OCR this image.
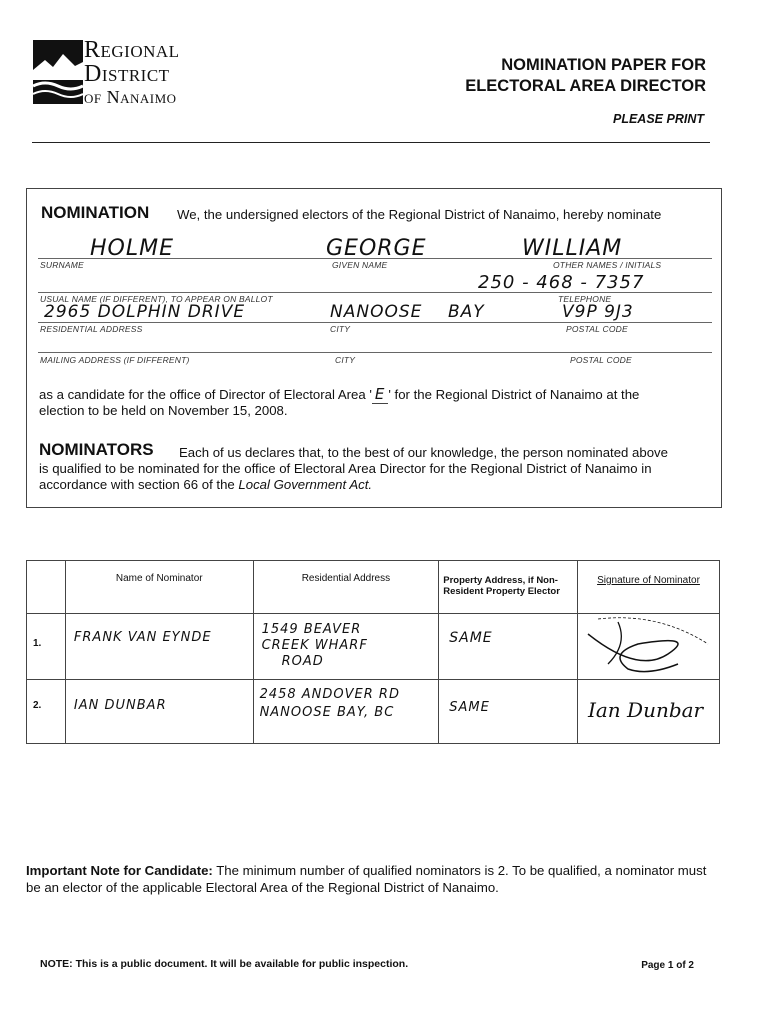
Regional
District
of Nanaimo
NOMINATION PAPER FOR
ELECTORAL AREA DIRECTOR
PLEASE PRINT
NOMINATION We, the undersigned electors of the Regional District of Nanaimo, hereby nominate
HOLME	GEORGE	WILLIAM
SURNAME	GIVEN NAME	OTHER NAMES / INITIALS
250 - 468 - 7357
USUAL NAME (IF DIFFERENT), TO APPEAR ON BALLOT	TELEPHONE
2965 DOLPHIN DRIVE	NANOOSE BAY	V9P 9J3
RESIDENTIAL ADDRESS	CITY	POSTAL CODE
MAILING ADDRESS (IF DIFFERENT)	CITY	POSTAL CODE
as a candidate for the office of Director of Electoral Area ' E ' for the Regional District of Nanaimo at the
election to be held on November 15, 2008.
NOMINATORS Each of us declares that, to the best of our knowledge, the person nominated above
is qualified to be nominated for the office of Electoral Area Director for the Regional District of Nanaimo in
accordance with section 66 of the Local Government Act.
	Name of Nominator	Residential Address	Property Address, if Non-Resident Property Elector	Signature of Nominator
1.	FRANK VAN EYNDE	1549 BEAVER
CREEK WHARF
ROAD	SAME	
2.	IAN DUNBAR	2458 ANDOVER RD
NANOOSE BAY, BC	SAME	Ian Dunbar
Important Note for Candidate: The minimum number of qualified nominators is 2. To be qualified, a nominator must be an elector of the applicable Electoral Area of the Regional District of Nanaimo.
NOTE: This is a public document. It will be available for public inspection.	Page 1 of 2
